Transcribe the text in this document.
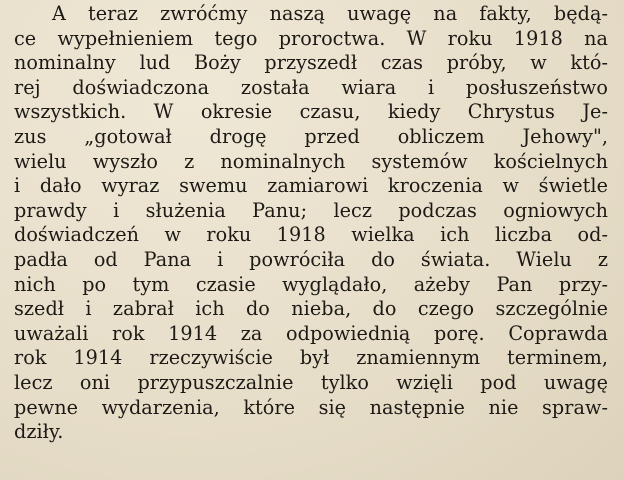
A teraz zwróćmy naszą uwagę na fakty, będą-
ce wypełnieniem tego proroctwa. W roku 1918 na
nominalny lud Boży przyszedł czas próby, w któ-
rej doświadczona została wiara i posłuszeństwo
wszystkich. W okresie czasu, kiedy Chrystus Je-
zus „gotował drogę przed obliczem Jehowy",
wielu wyszło z nominalnych systemów kościelnych
i dało wyraz swemu zamiarowi kroczenia w świetle
prawdy i służenia Panu; lecz podczas ogniowych
doświadczeń w roku 1918 wielka ich liczba od-
padła od Pana i powróciła do świata. Wielu z
nich po tym czasie wyglądało, ażeby Pan przy-
szedł i zabrał ich do nieba, do czego szczególnie
uważali rok 1914 za odpowiednią porę. Coprawda
rok 1914 rzeczywiście był znamiennym terminem,
lecz oni przypuszczalnie tylko wzięli pod uwagę
pewne wydarzenia, które się następnie nie spraw-
dziły.
